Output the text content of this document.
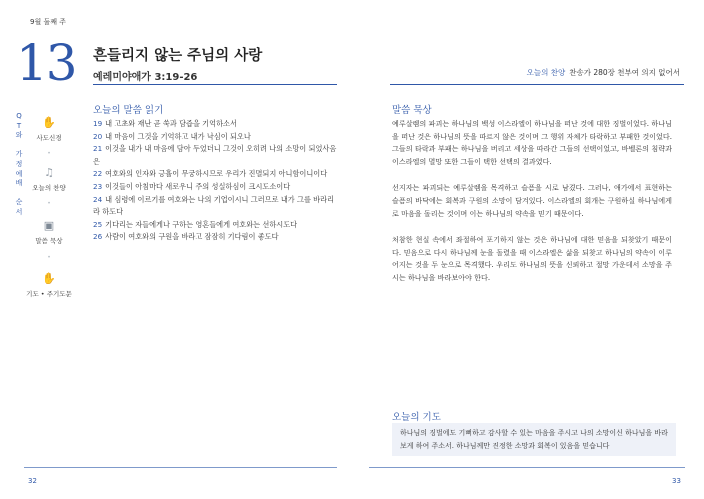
9월 둘째 주
13 흔들리지 않는 주님의 사랑
예레미야애가 3:19-26	오늘의 찬양 찬송가 280장 천부여 의지 없어서
Q
T
와

가
정
예
배

순
서
✋
사도신경
•
♫
오늘의 찬양
•
▣
말씀 묵상
•
✋
기도 • 주기도문
오늘의 말씀 읽기

19 내 고초와 재난 곧 쑥과 담즙을 기억하소서

20 내 마음이 그것을 기억하고 내가 낙심이 되오나

21 이것을 내가 내 마음에 담아 두었더니 그것이 오히려 나의 소망이 되었사옴은

22 여호와의 인자와 긍휼이 무궁하시므로 우리가 진멸되지 아니함이니이다

23 이것들이 아침마다 새로우니 주의 성실하심이 크시도소이다

24 내 심령에 이르기를 여호와는 나의 기업이시니 그러므로 내가 그를 바라리라 하도다

25 기다리는 자들에게나 구하는 영혼들에게 여호와는 선하시도다

26 사람이 여호와의 구원을 바라고 잠잠히 기다림이 좋도다

말씀 묵상

예루살렘의 파괴는 하나님의 백성 이스라엘이 하나님을 떠난 것에 대한 징벌이었다. 하나님을 떠난 것은 하나님의 뜻을 따르지 않은 것이며 그 행위 자체가 타락하고 부패한 것이었다. 그들의 타락과 부패는 하나님을 버리고 세상을 따라간 그들의 선택이었고, 바벨론의 침략과 이스라엘의 멸망 또한 그들이 택한 선택의 결과였다.

선지자는 파괴되는 예루살렘을 목격하고 슬픔을 시로 남겼다. 그러나, 애가에서 표현하는 슬픔의 바닥에는 회복과 구원의 소망이 담겨있다. 이스라엘의 회개는 구원하실 하나님에게로 마음을 돌리는 것이며 이는 하나님의 약속을 믿기 때문이다.

처참한 현실 속에서 좌절하여 포기하지 않는 것은 하나님에 대한 믿음을 되찾았기 때문이다. 믿음으로 다시 하나님께 눈을 돌렸을 때 이스라엘은 삶을 되찾고 하나님의 약속이 이루어지는 것을 두 눈으로 목격했다. 우리도 하나님의 뜻을 신뢰하고 절망 가운데서 소망을 주시는 하나님을 바라보아야 한다.

오늘의 기도
하나님의 징벌에도 기뻐하고 감사할 수 있는 마음을 주시고 나의 소망이신 하나님을 바라보게 하여 주소서. 하나님께만 진정한 소망과 회복이 있음을 믿습니다
32	33
